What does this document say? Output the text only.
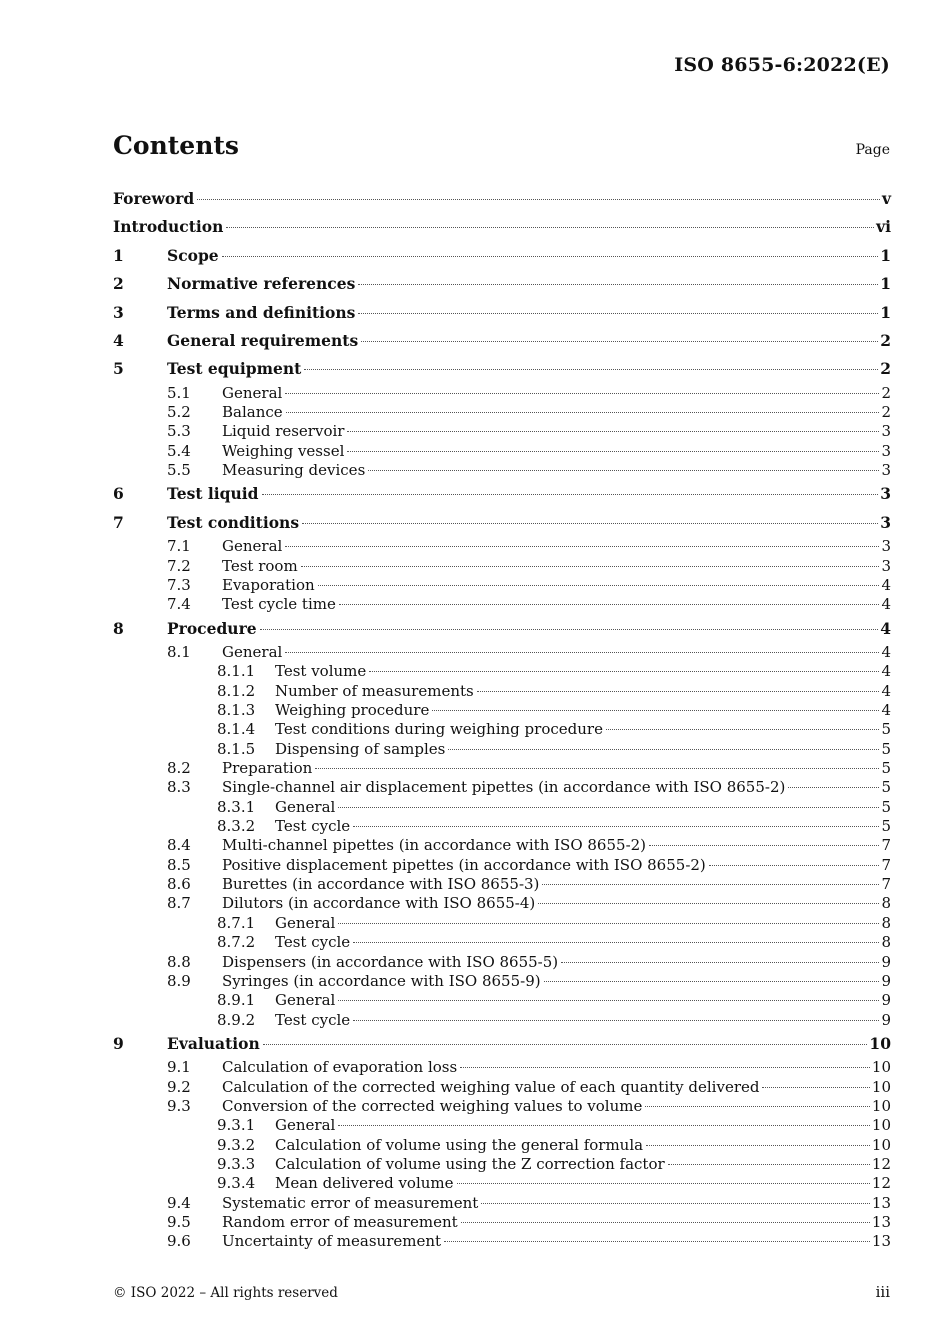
ISO 8655-6:2022(E)
Contents	Page
Foreword	v
Introduction	vi
1	Scope	1
2	Normative references	1
3	Terms and definitions	1
4	General requirements	2
5	Test equipment	2
5.1	General	2
5.2	Balance	2
5.3	Liquid reservoir	3
5.4	Weighing vessel	3
5.5	Measuring devices	3
6	Test liquid	3
7	Test conditions	3
7.1	General	3
7.2	Test room	3
7.3	Evaporation	4
7.4	Test cycle time	4
8	Procedure	4
8.1	General	4
8.1.1	Test volume	4
8.1.2	Number of measurements	4
8.1.3	Weighing procedure	4
8.1.4	Test conditions during weighing procedure	5
8.1.5	Dispensing of samples	5
8.2	Preparation	5
8.3	Single-channel air displacement pipettes (in accordance with ISO 8655-2)	5
8.3.1	General	5
8.3.2	Test cycle	5
8.4	Multi-channel pipettes (in accordance with ISO 8655-2)	7
8.5	Positive displacement pipettes (in accordance with ISO 8655-2)	7
8.6	Burettes (in accordance with ISO 8655-3)	7
8.7	Dilutors (in accordance with ISO 8655-4)	8
8.7.1	General	8
8.7.2	Test cycle	8
8.8	Dispensers (in accordance with ISO 8655-5)	9
8.9	Syringes (in accordance with ISO 8655-9)	9
8.9.1	General	9
8.9.2	Test cycle	9
9	Evaluation	10
9.1	Calculation of evaporation loss	10
9.2	Calculation of the corrected weighing value of each quantity delivered	10
9.3	Conversion of the corrected weighing values to volume	10
9.3.1	General	10
9.3.2	Calculation of volume using the general formula	10
9.3.3	Calculation of volume using the Z correction factor	12
9.3.4	Mean delivered volume	12
9.4	Systematic error of measurement	13
9.5	Random error of measurement	13
9.6	Uncertainty of measurement	13
© ISO 2022 – All rights reserved	iii
